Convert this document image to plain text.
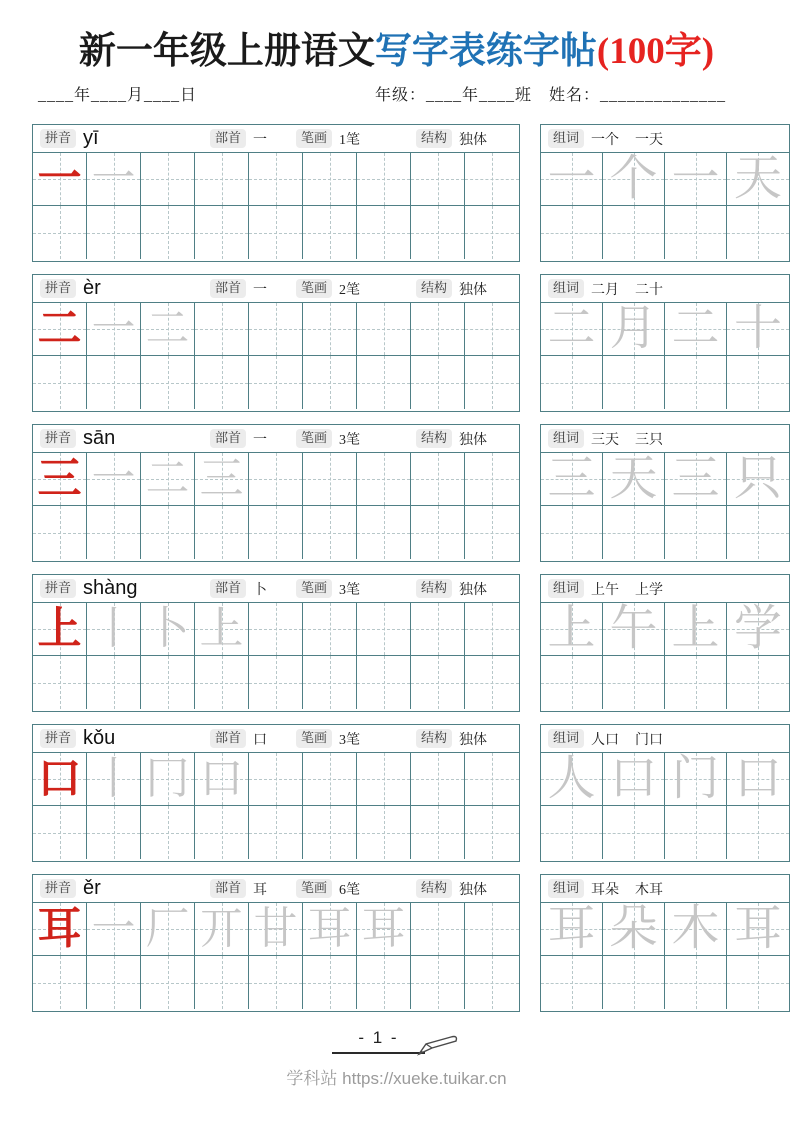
新一年级上册语文写字表练字帖(100字)
____年____月____日	年级：____年____班　姓名：______________
拼音 yī	部首 一	笔画 1笔	结构 独体
一 一
组词 一个 一天
一 个 一 天
拼音 èr	部首 一	笔画 2笔	结构 独体
二 一 二
组词 二月 二十
二 月 二 十
拼音 sān	部首 一	笔画 3笔	结构 独体
三 一 二 三
组词 三天 三只
三 天 三 只
拼音 shàng	部首 卜	笔画 3笔	结构 独体
上 丨 卜 上
组词 上午 上学
上 午 上 学
拼音 kǒu	部首 口	笔画 3笔	结构 独体
口 丨 冂 口
组词 人口 门口
人 口 门 口
拼音 ěr	部首 耳	笔画 6笔	结构 独体
耳 一 厂 丌 甘 耳 耳
组词 耳朵 木耳
耳 朵 木 耳
- 1 -
学科站 https://xueke.tuikar.cn
